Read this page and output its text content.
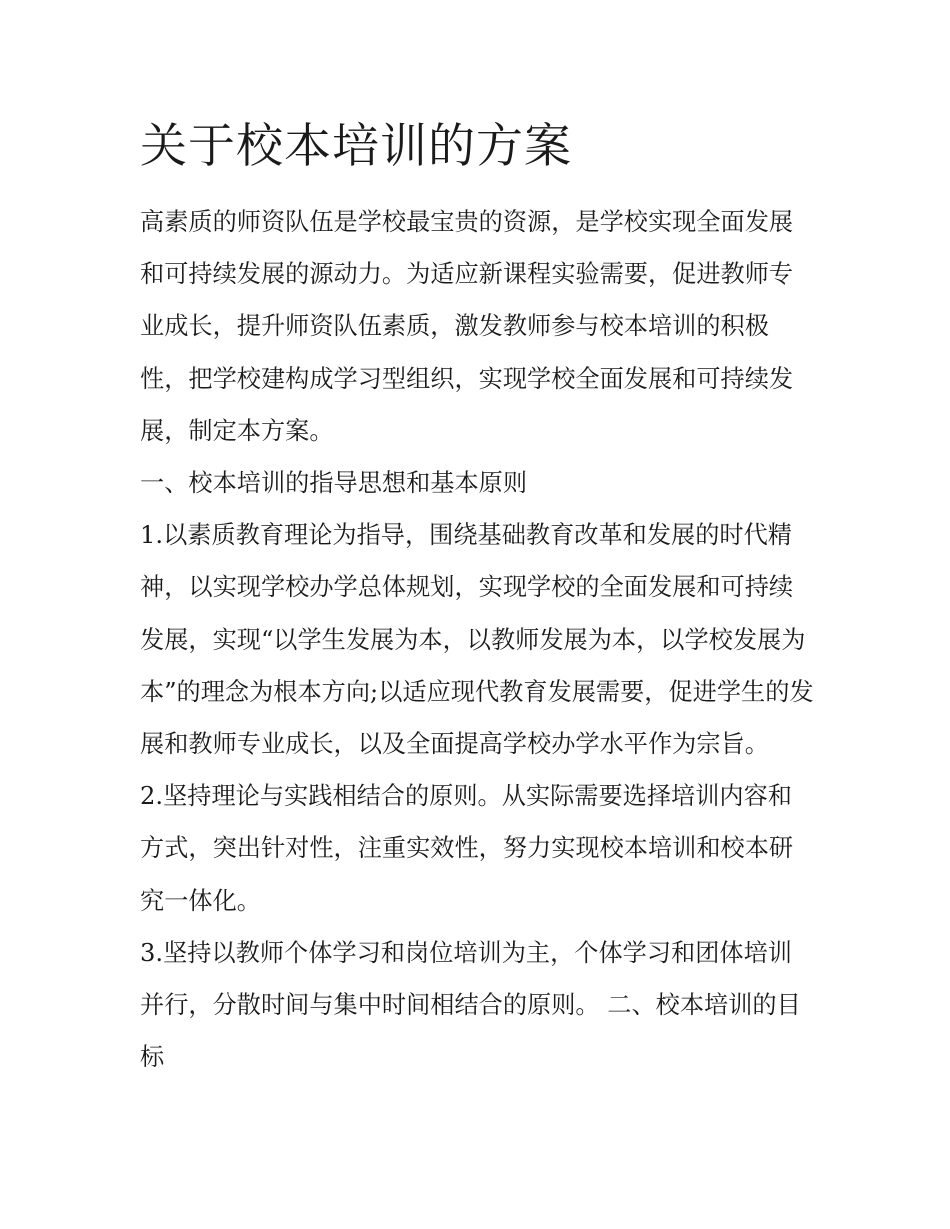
关于校本培训的方案

高素质的师资队伍是学校最宝贵的资源，是学校实现全面发展和可持续发展的源动力。为适应新课程实验需要，促进教师专业成长，提升师资队伍素质，激发教师参与校本培训的积极性，把学校建构成学习型组织，实现学校全面发展和可持续发展，制定本方案。

一、校本培训的指导思想和基本原则

1.以素质教育理论为指导，围绕基础教育改革和发展的时代精神，以实现学校办学总体规划，实现学校的全面发展和可持续发展，实现“以学生发展为本，以教师发展为本，以学校发展为本”的理念为根本方向;以适应现代教育发展需要，促进学生的发展和教师专业成长，以及全面提高学校办学水平作为宗旨。

2.坚持理论与实践相结合的原则。从实际需要选择培训内容和方式，突出针对性，注重实效性，努力实现校本培训和校本研究一体化。

3.坚持以教师个体学习和岗位培训为主，个体学习和团体培训并行，分散时间与集中时间相结合的原则。 二、校本培训的目标
